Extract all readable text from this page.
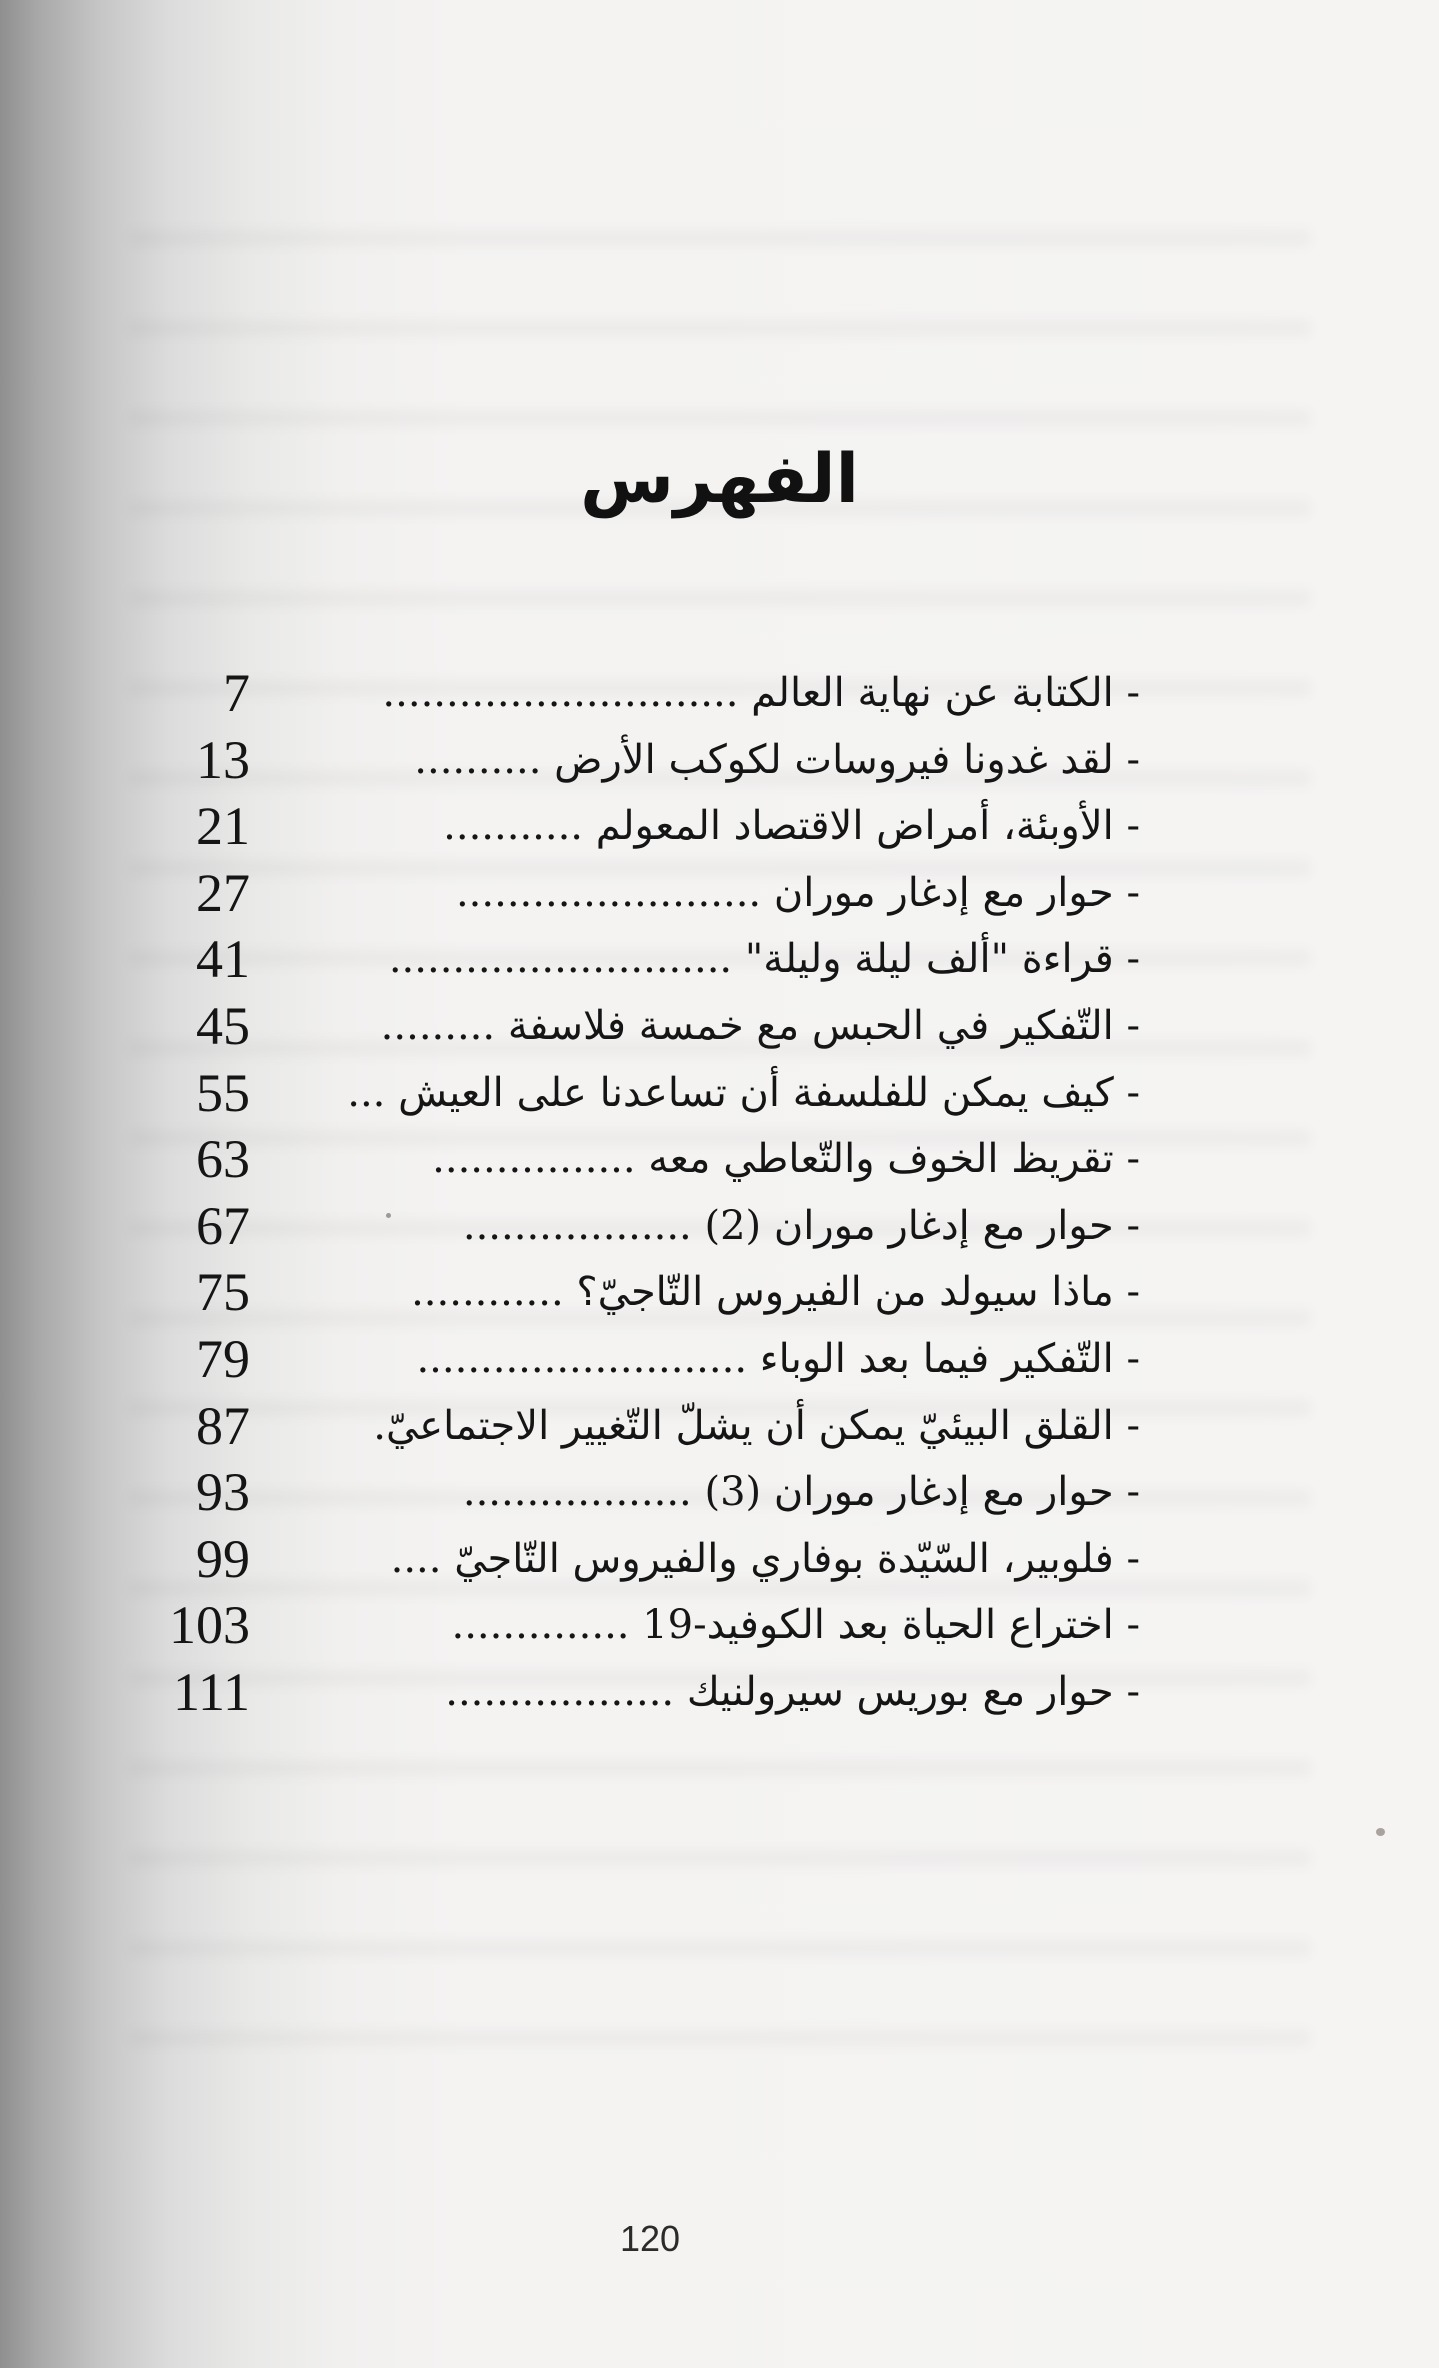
الفهرس
7	- الكتابة عن نهاية العالم ............................
13	- لقد غدونا فيروسات لكوكب الأرض ..........
21	- الأوبئة، أمراض الاقتصاد المعولم ...........
27	- حوار مع إدغار موران ........................
41	- قراءة "ألف ليلة وليلة" ...........................
45	- التّفكير في الحبس مع خمسة فلاسفة .........
55	- كيف يمكن للفلسفة أن تساعدنا على العيش ...
63	- تقريظ الخوف والتّعاطي معه ................
67	- حوار مع إدغار موران (2) ..................
75	- ماذا سيولد من الفيروس التّاجيّ؟ ............
79	- التّفكير فيما بعد الوباء ..........................
87	- القلق البيئيّ يمكن أن يشلّ التّغيير الاجتماعيّ.
93	- حوار مع إدغار موران (3) ..................
99	- فلوبير، السّيّدة بوفاري والفيروس التّاجيّ ....
103	- اختراع الحياة بعد الكوفيد-19 ..............
111	- حوار مع بوريس سيرولنيك ..................
120
